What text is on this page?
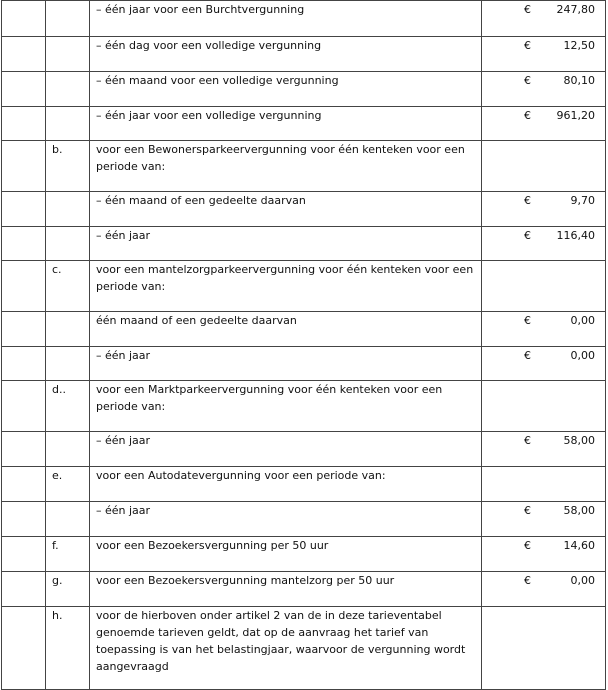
		– één jaar voor een Burchtvergunning	€ 247,80

		– één dag voor een volledige vergunning	€ 12,50

		– één maand voor een volledige vergunning	€ 80,10

		– één jaar voor een volledige vergunning	€ 961,20

	b.	voor een Bewonersparkeervergunning voor één kenteken voor een periode van:	

		– één maand of een gedeelte daarvan	€ 9,70

		– één jaar	€ 116,40

	c.	voor een mantelzorgparkeervergunning voor één kenteken voor een periode van:	

		één maand of een gedeelte daarvan	€ 0,00

		– één jaar	€ 0,00

	d..	voor een Marktparkeervergunning voor één kenteken voor een periode van:	

		– één jaar	€ 58,00

	e.	voor een Autodatevergunning voor een periode van:	

		– één jaar	€ 58,00

	f.	voor een Bezoekersvergunning per 50 uur	€ 14,60

	g.	voor een Bezoekersvergunning mantelzorg per 50 uur	€ 0,00

	h.	voor de hierboven onder artikel 2 van de in deze tarieventabel genoemde tarieven geldt, dat op de aanvraag het tarief van toepassing is van het belastingjaar, waarvoor de vergunning wordt aangevraagd	
